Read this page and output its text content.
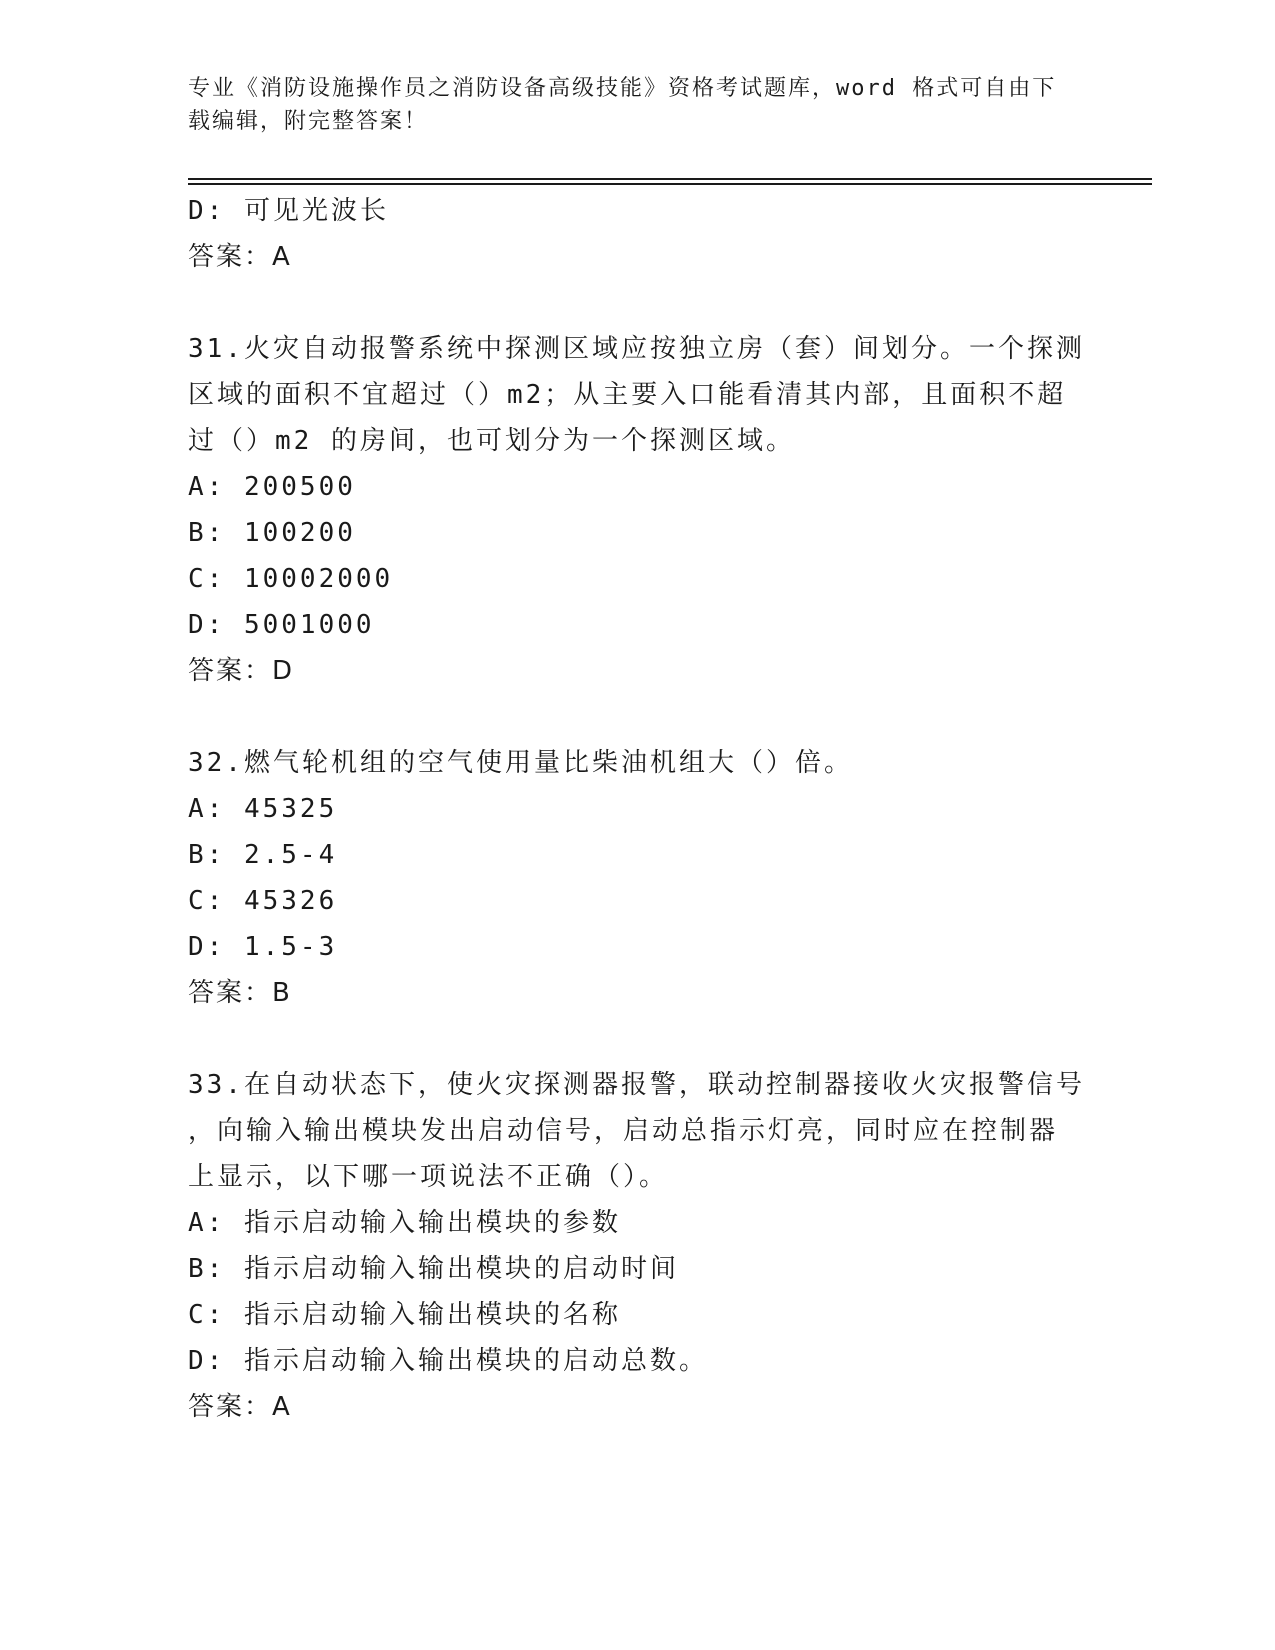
专业《消防设施操作员之消防设备高级技能》资格考试题库，word 格式可自由下
载编辑，附完整答案！
D: 可见光波长
答案：A
31.火灾自动报警系统中探测区域应按独立房（套）间划分。一个探测
区域的面积不宜超过（）m2；从主要入口能看清其内部，且面积不超
过（）m2 的房间，也可划分为一个探测区域。
A: 200500
B: 100200
C: 10002000
D: 5001000
答案：D
32.燃气轮机组的空气使用量比柴油机组大（）倍。
A: 45325
B: 2.5-4
C: 45326
D: 1.5-3
答案：B
33.在自动状态下，使火灾探测器报警，联动控制器接收火灾报警信号
，向输入输出模块发出启动信号，启动总指示灯亮，同时应在控制器
上显示，以下哪一项说法不正确（）。
A: 指示启动输入输出模块的参数
B: 指示启动输入输出模块的启动时间
C: 指示启动输入输出模块的名称
D: 指示启动输入输出模块的启动总数。
答案：A
